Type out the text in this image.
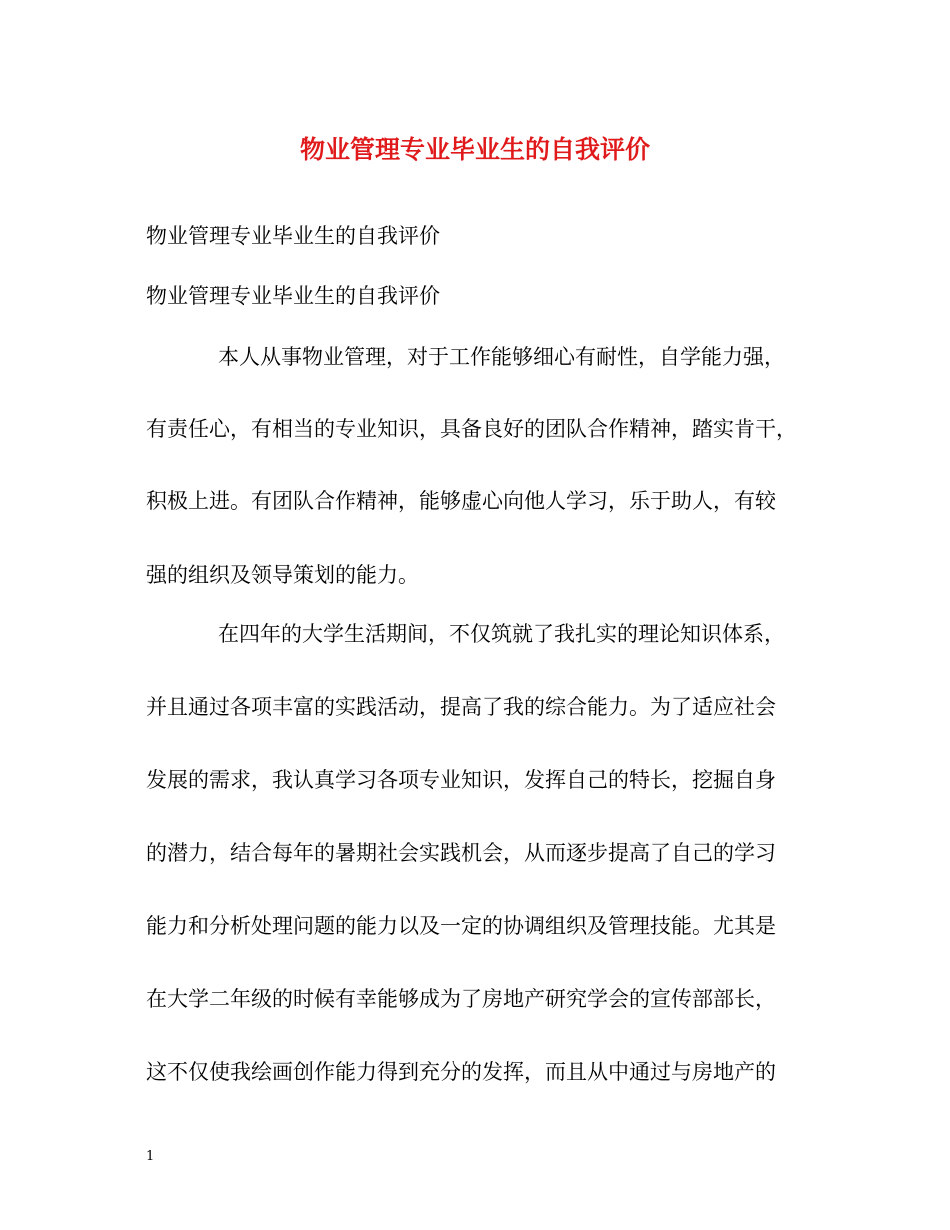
物业管理专业毕业生的自我评价
物业管理专业毕业生的自我评价
物业管理专业毕业生的自我评价
本人从事物业管理，对于工作能够细心有耐性，自学能力强，
有责任心，有相当的专业知识，具备良好的团队合作精神，踏实肯干，
积极上进。有团队合作精神，能够虚心向他人学习，乐于助人，有较
强的组织及领导策划的能力。
在四年的大学生活期间，不仅筑就了我扎实的理论知识体系，
并且通过各项丰富的实践活动，提高了我的综合能力。为了适应社会
发展的需求，我认真学习各项专业知识，发挥自己的特长，挖掘自身
的潜力，结合每年的暑期社会实践机会，从而逐步提高了自己的学习
能力和分析处理问题的能力以及一定的协调组织及管理技能。尤其是
在大学二年级的时候有幸能够成为了房地产研究学会的宣传部部长，
这不仅使我绘画创作能力得到充分的发挥，而且从中通过与房地产的
1
